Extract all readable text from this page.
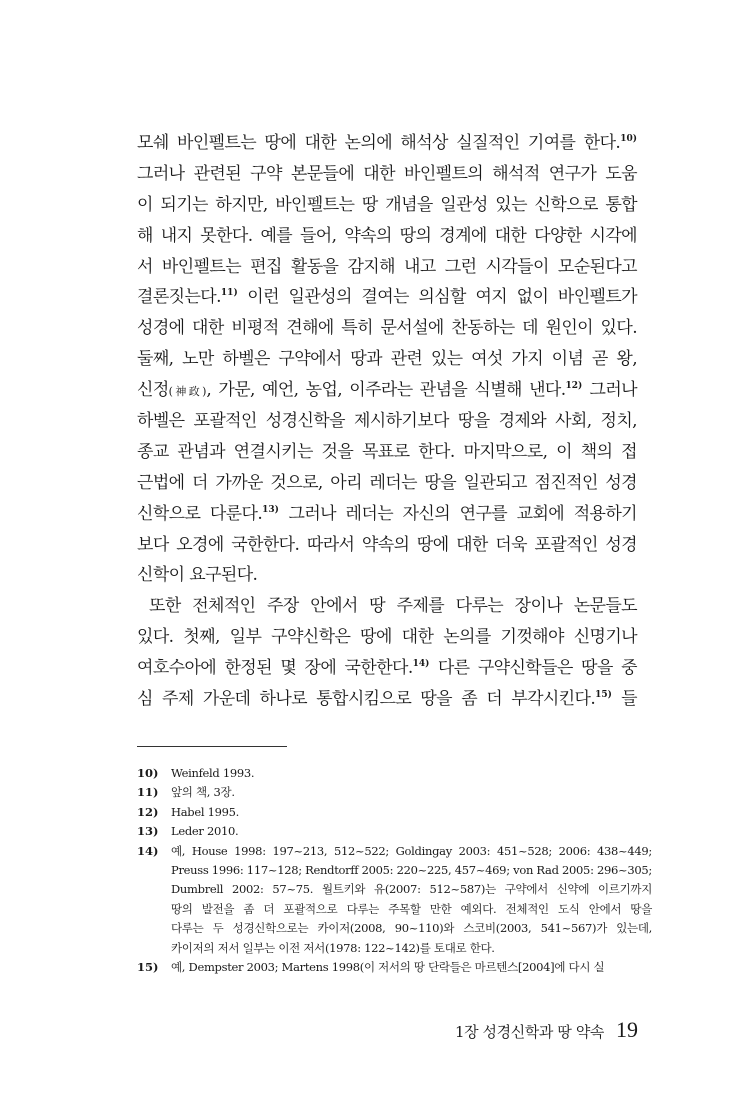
모쉐 바인펠트는 땅에 대한 논의에 해석상 실질적인 기여를 한다.$^{10)}$
그러나 관련된 구약 본문들에 대한 바인펠트의 해석적 연구가 도움
이 되기는 하지만, 바인펠트는 땅 개념을 일관성 있는 신학으로 통합
해 내지 못한다. 예를 들어, 약속의 땅의 경계에 대한 다양한 시각에
서 바인펠트는 편집 활동을 감지해 내고 그런 시각들이 모순된다고
결론짓는다.$^{11)}$ 이런 일관성의 결여는 의심할 여지 없이 바인펠트가
성경에 대한 비평적 견해에 특히 문서설에 찬동하는 데 원인이 있다.
둘째, 노만 하벨은 구약에서 땅과 관련 있는 여섯 가지 이념 곧 왕,
신정(神政), 가문, 예언, 농업, 이주라는 관념을 식별해 낸다.$^{12)}$ 그러나
하벨은 포괄적인 성경신학을 제시하기보다 땅을 경제와 사회, 정치,
종교 관념과 연결시키는 것을 목표로 한다. 마지막으로, 이 책의 접
근법에 더 가까운 것으로, 아리 레더는 땅을 일관되고 점진적인 성경
신학으로 다룬다.$^{13)}$ 그러나 레더는 자신의 연구를 교회에 적용하기
보다 오경에 국한한다. 따라서 약속의 땅에 대한 더욱 포괄적인 성경
신학이 요구된다.
또한 전체적인 주장 안에서 땅 주제를 다루는 장이나 논문들도
있다. 첫째, 일부 구약신학은 땅에 대한 논의를 기껏해야 신명기나
여호수아에 한정된 몇 장에 국한한다.$^{14)}$ 다른 구약신학들은 땅을 중
심 주제 가운데 하나로 통합시킴으로 땅을 좀 더 부각시킨다.$^{15)}$ 들
10)	Weinfeld 1993.
11)	앞의 책, 3장.
12)	Habel 1995.
13)	Leder 2010.
14)	예, House 1998: 197~213, 512~522; Goldingay 2003: 451~528; 2006: 438~449;
Preuss 1996: 117~128; Rendtorff 2005: 220~225, 457~469; von Rad 2005: 296~305;
Dumbrell 2002: 57~75. 월트키와 유(2007: 512~587)는 구약에서 신약에 이르기까지
땅의 발전을 좀 더 포괄적으로 다루는 주목할 만한 예외다. 전체적인 도식 안에서 땅을
다루는 두 성경신학으로는 카이저(2008, 90~110)와 스코비(2003, 541~567)가 있는데,
카이저의 저서 일부는 이전 저서(1978: 122~142)를 토대로 한다.
15)	예, Dempster 2003; Martens 1998(이 저서의 땅 단락들은 마르텐스[2004]에 다시 실
1장 성경신학과 땅 약속 19
